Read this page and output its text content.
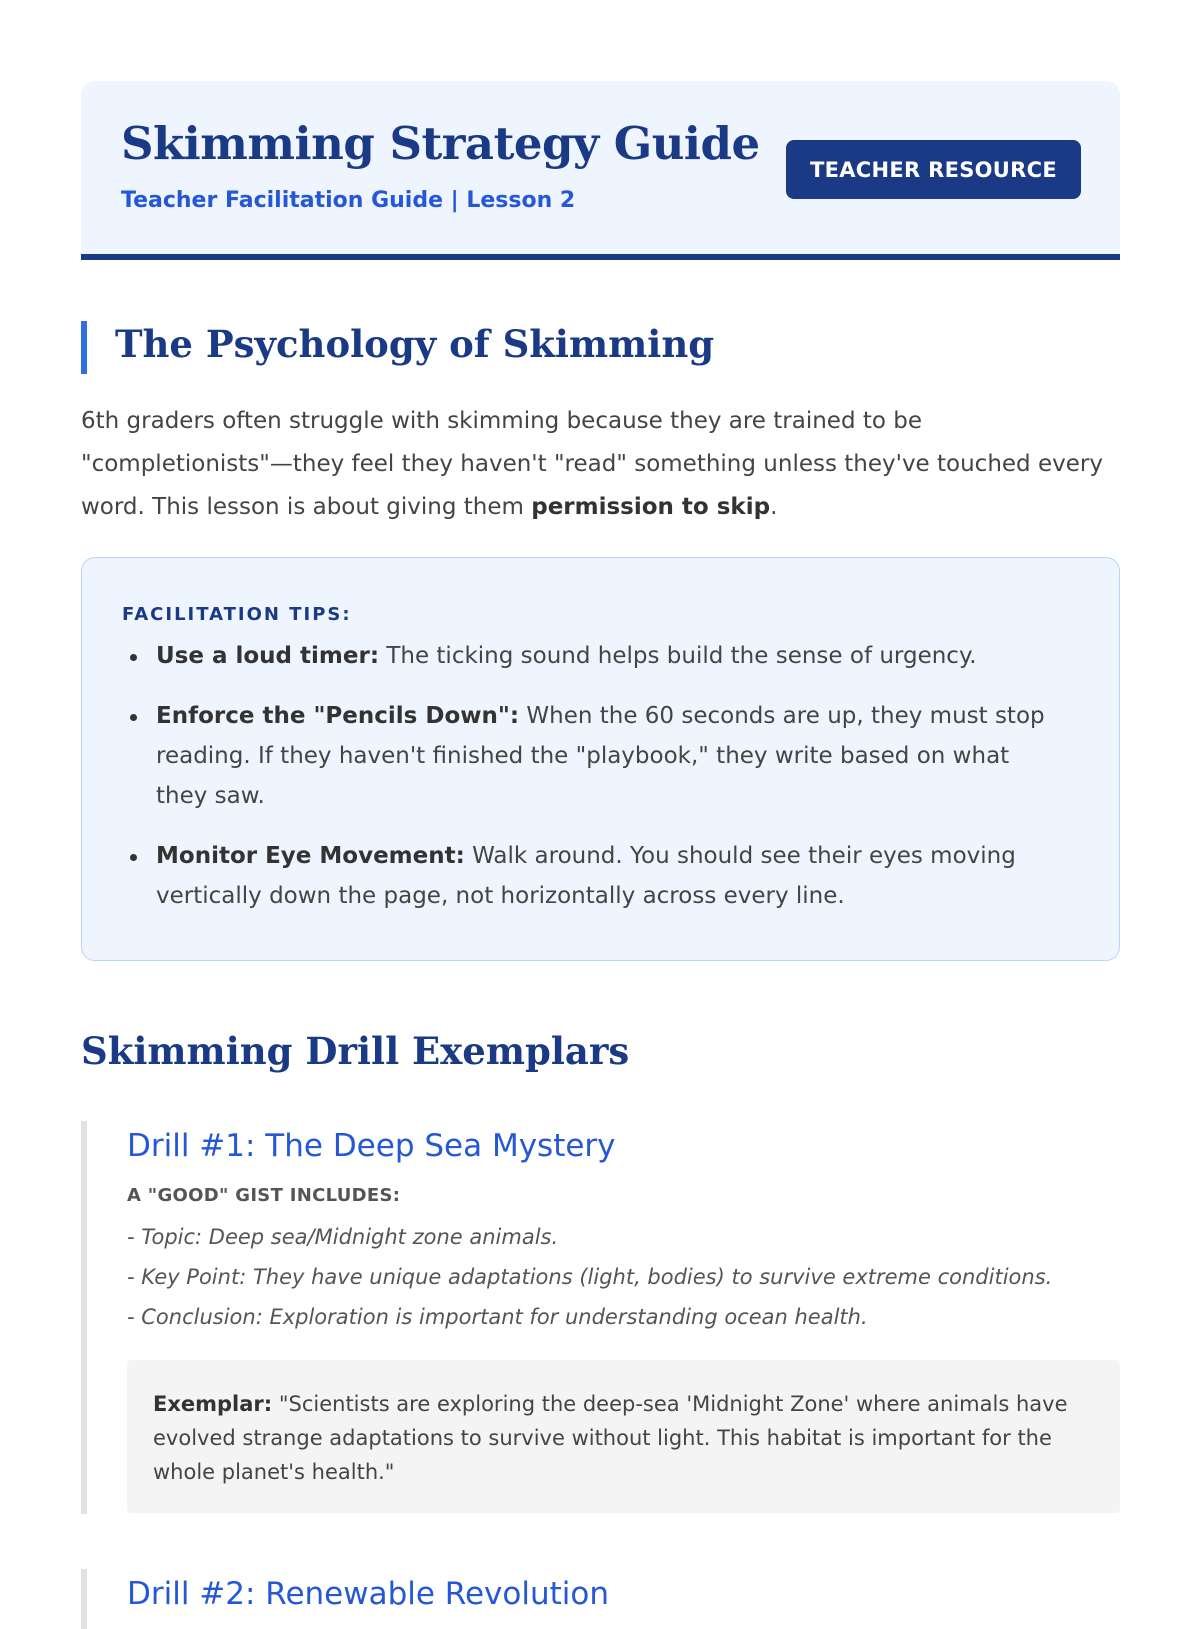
Skimming Strategy Guide
Teacher Facilitation Guide | Lesson 2
TEACHER RESOURCE
The Psychology of Skimming

6th graders often struggle with skimming because they are trained to be "completionists"—they feel they haven't "read" something unless they've touched every word. This lesson is about giving them permission to skip.

FACILITATION TIPS:
Use a loud timer: The ticking sound helps build the sense of urgency.
Enforce the "Pencils Down": When the 60 seconds are up, they must stop reading. If they haven't finished the "playbook," they write based on what they saw.
Monitor Eye Movement: Walk around. You should see their eyes moving vertically down the page, not horizontally across every line.
Skimming Drill Exemplars
Drill #1: The Deep Sea Mystery
A "GOOD" GIST INCLUDES:
- Topic: Deep sea/Midnight zone animals.
- Key Point: They have unique adaptations (light, bodies) to survive extreme conditions.
- Conclusion: Exploration is important for understanding ocean health.
Exemplar: "Scientists are exploring the deep-sea 'Midnight Zone' where animals have evolved strange adaptations to survive without light. This habitat is important for the whole planet's health."
Drill #2: Renewable Revolution
